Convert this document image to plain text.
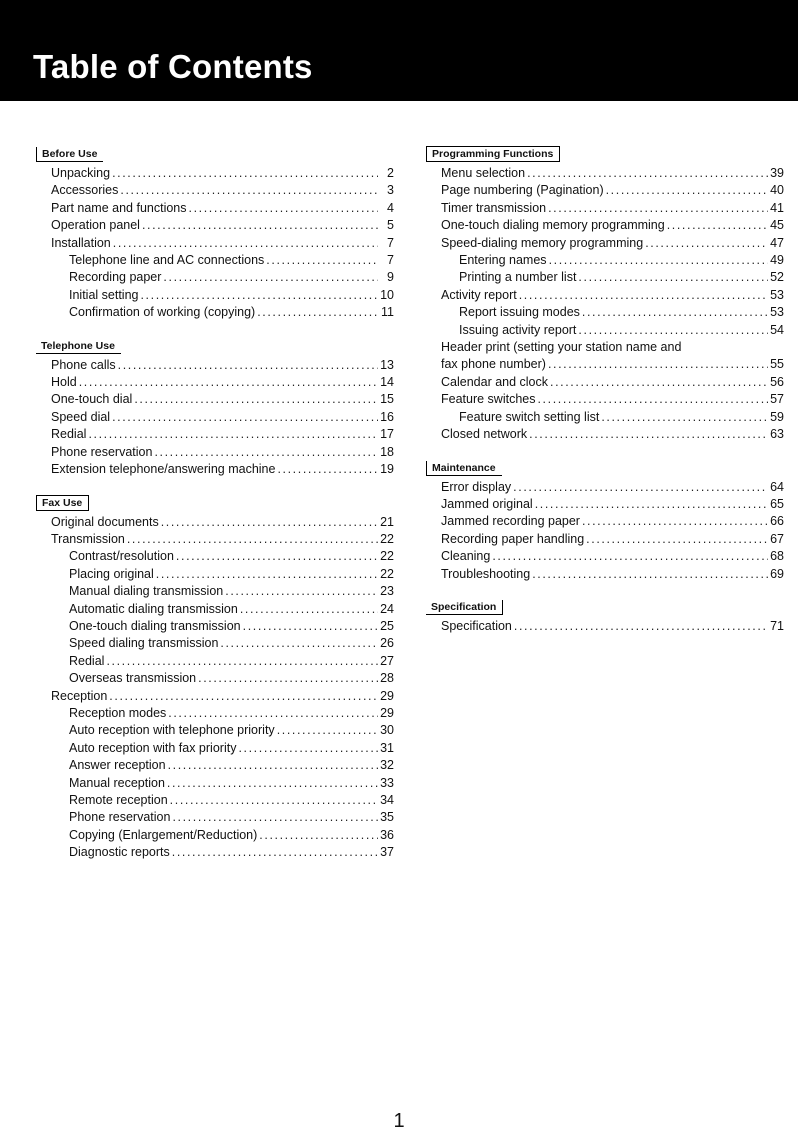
Table of Contents
Before Use
Unpacking .....	2
Accessories .....	3
Part name and functions .....	4
Operation panel .....	5
Installation .....	7
Telephone line and AC connections .....	7
Recording paper .....	9
Initial setting .....	10
Confirmation of working (copying) .....	11
Telephone Use
Phone calls .....	13
Hold .....	14
One-touch dial .....	15
Speed dial .....	16
Redial .....	17
Phone reservation .....	18
Extension telephone/answering machine .....	19
Fax Use
Original documents .....	21
Transmission .....	22
Contrast/resolution .....	22
Placing original .....	22
Manual dialing transmission .....	23
Automatic dialing transmission .....	24
One-touch dialing transmission .....	25
Speed dialing transmission .....	26
Redial .....	27
Overseas transmission .....	28
Reception .....	29
Reception modes .....	29
Auto reception with telephone priority .....	30
Auto reception with fax priority .....	31
Answer reception .....	32
Manual reception .....	33
Remote reception .....	34
Phone reservation .....	35
Copying (Enlargement/Reduction) .....	36
Diagnostic reports .....	37
Programming Functions
Menu selection .....	39
Page numbering (Pagination) .....	40
Timer transmission .....	41
One-touch dialing memory programming .....	45
Speed-dialing memory programming .....	47
Entering names .....	49
Printing a number list .....	52
Activity report .....	53
Report issuing modes .....	53
Issuing activity report .....	54
Header print (setting your station name and
fax phone number) .....	55
Calendar and clock .....	56
Feature switches .....	57
Feature switch setting list .....	59
Closed network .....	63
Maintenance
Error display .....	64
Jammed original .....	65
Jammed recording paper .....	66
Recording paper handling .....	67
Cleaning .....	68
Troubleshooting .....	69
Specification
Specification .....	71
1
